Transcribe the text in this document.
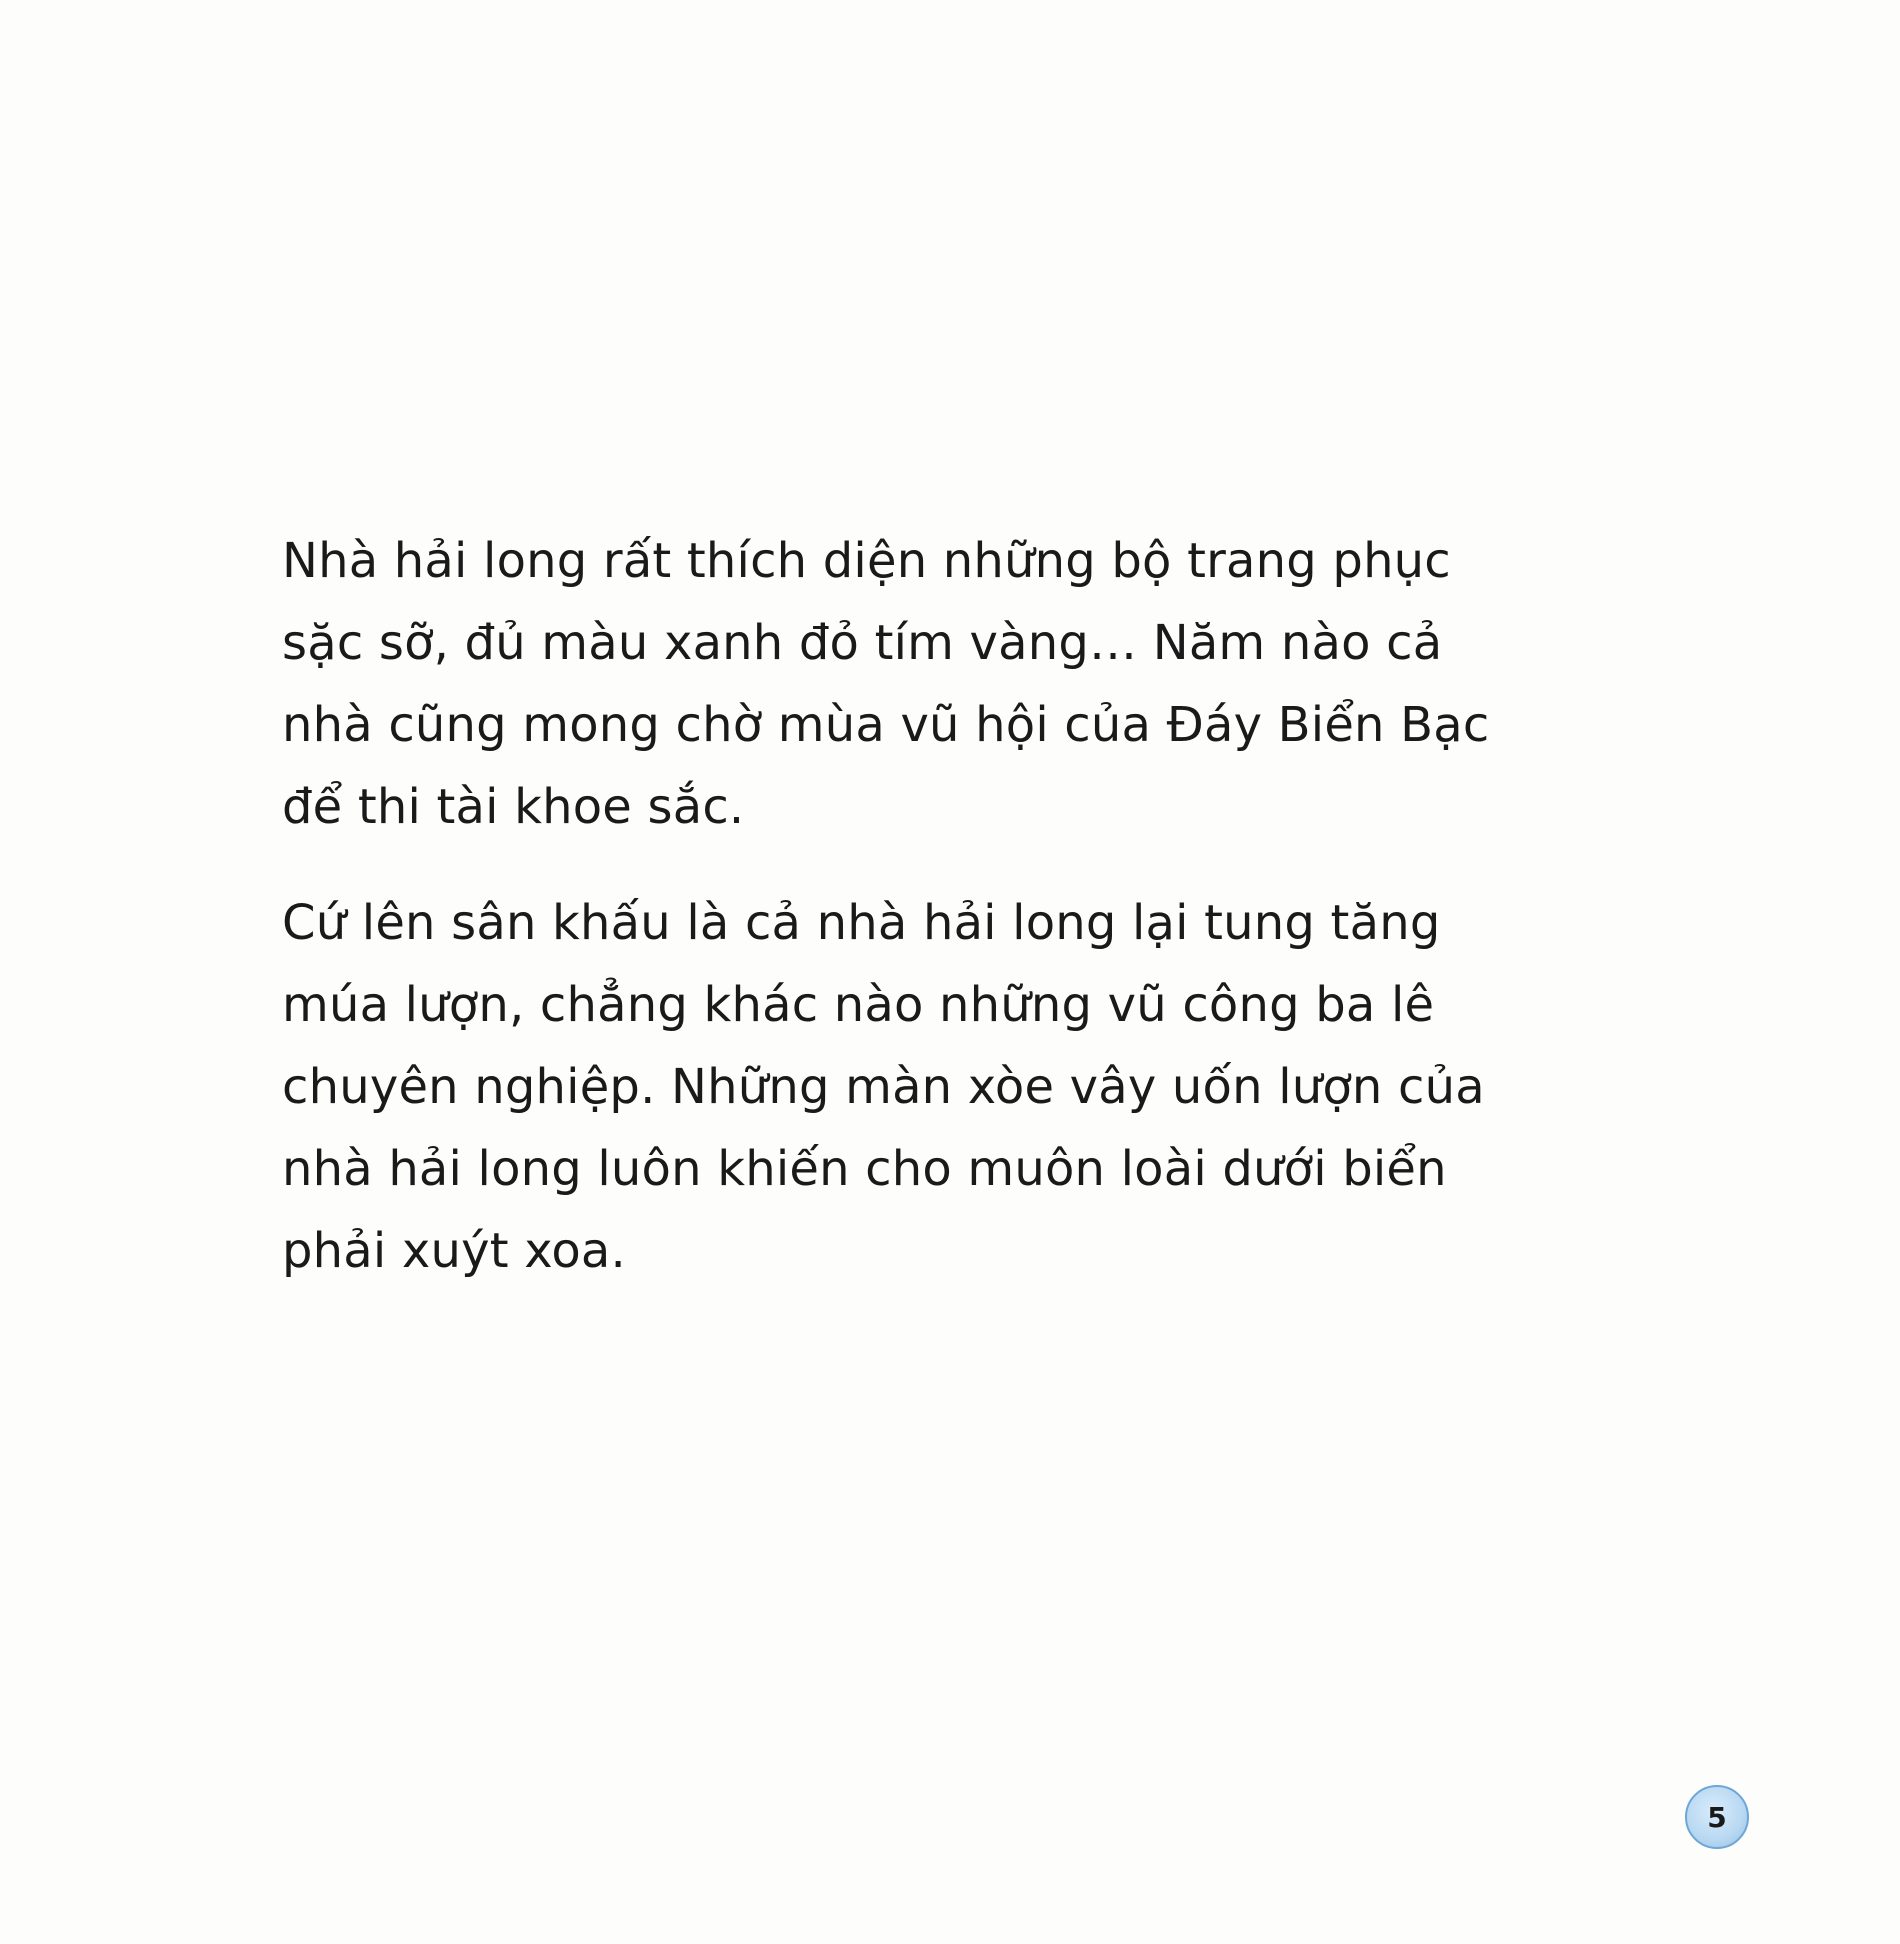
Nhà hải long rất thích diện những bộ trang phục
sặc sỡ, đủ màu xanh đỏ tím vàng… Năm nào cả
nhà cũng mong chờ mùa vũ hội của Đáy Biển Bạc
để thi tài khoe sắc.

Cứ lên sân khấu là cả nhà hải long lại tung tăng
múa lượn, chẳng khác nào những vũ công ba lê
chuyên nghiệp. Những màn xòe vây uốn lượn của
nhà hải long luôn khiến cho muôn loài dưới biển
phải xuýt xoa.

5
